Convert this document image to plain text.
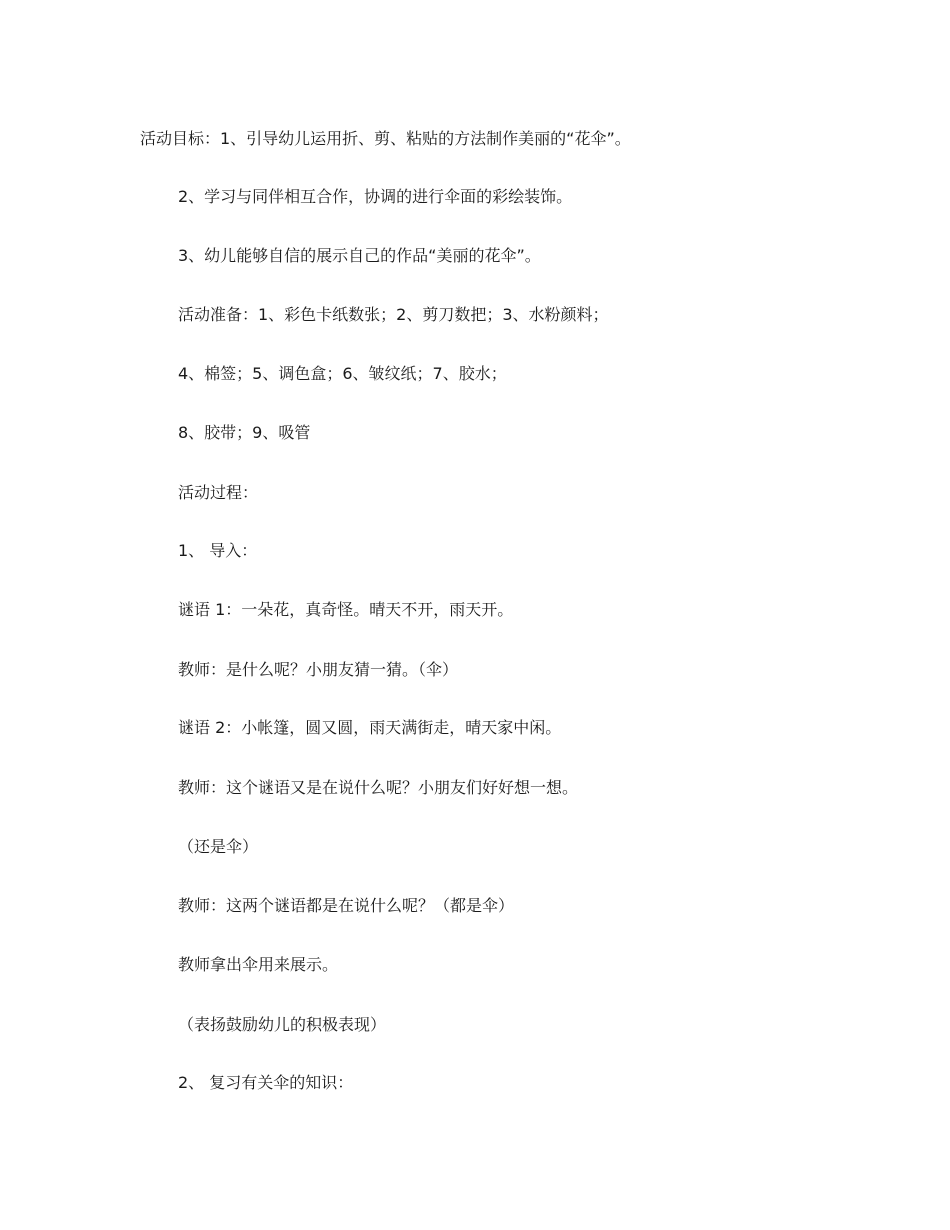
活动目标：1、引导幼儿运用折、剪、粘贴的方法制作美丽的“花伞”。

2、学习与同伴相互合作，协调的进行伞面的彩绘装饰。

3、幼儿能够自信的展示自己的作品“美丽的花伞”。

活动准备：1、彩色卡纸数张；2、剪刀数把；3、水粉颜料；

4、棉签；5、调色盒；6、皱纹纸；7、胶水；

8、胶带；9、吸管

活动过程：

1、 导入：

谜语 1：一朵花，真奇怪。晴天不开，雨天开。

教师：是什么呢？小朋友猜一猜。（伞）

谜语 2：小帐篷，圆又圆，雨天满街走，晴天家中闲。

教师：这个谜语又是在说什么呢？小朋友们好好想一想。

（还是伞）

教师：这两个谜语都是在说什么呢？（都是伞）

教师拿出伞用来展示。

（表扬鼓励幼儿的积极表现）

2、 复习有关伞的知识：
